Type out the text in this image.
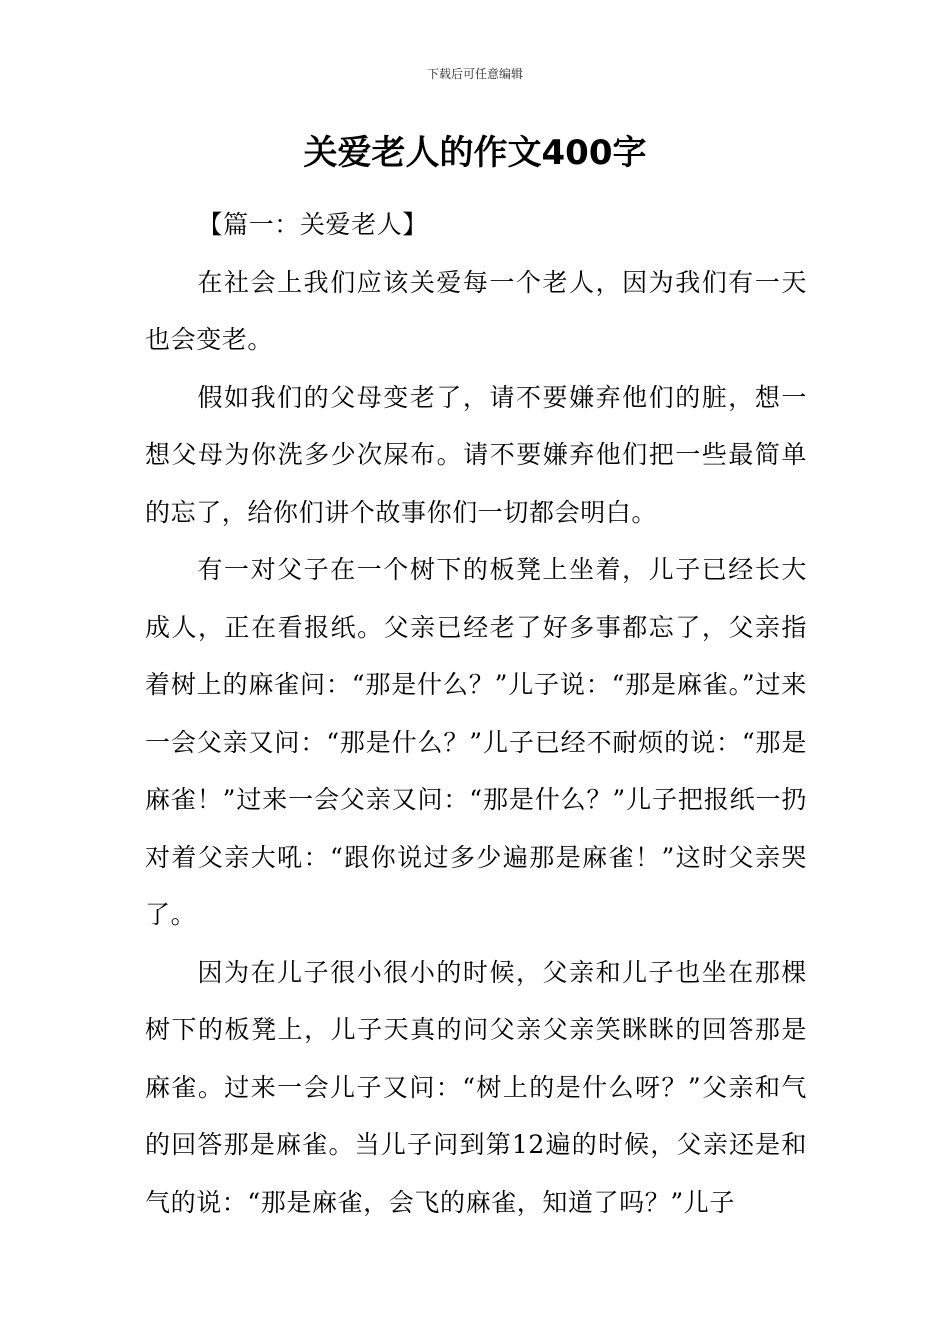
下载后可任意编辑
关爱老人的作文400字

【篇一：关爱老人】

在社会上我们应该关爱每一个老人，因为我们有一天也会变老。

假如我们的父母变老了，请不要嫌弃他们的脏，想一想父母为你洗多少次屎布。请不要嫌弃他们把一些最简单的忘了，给你们讲个故事你们一切都会明白。

有一对父子在一个树下的板凳上坐着，儿子已经长大成人，正在看报纸。父亲已经老了好多事都忘了，父亲指着树上的麻雀问：“那是什么？”儿子说：“那是麻雀。”过来一会父亲又问：“那是什么？”儿子已经不耐烦的说：“那是麻雀！”过来一会父亲又问：“那是什么？”儿子把报纸一扔对着父亲大吼：“跟你说过多少遍那是麻雀！”这时父亲哭了。

因为在儿子很小很小的时候，父亲和儿子也坐在那棵树下的板凳上，儿子天真的问父亲父亲笑眯眯的回答那是麻雀。过来一会儿子又问：“树上的是什么呀？”父亲和气的回答那是麻雀。当儿子问到第12遍的时候，父亲还是和气的说：“那是麻雀，会飞的麻雀，知道了吗？”儿子
